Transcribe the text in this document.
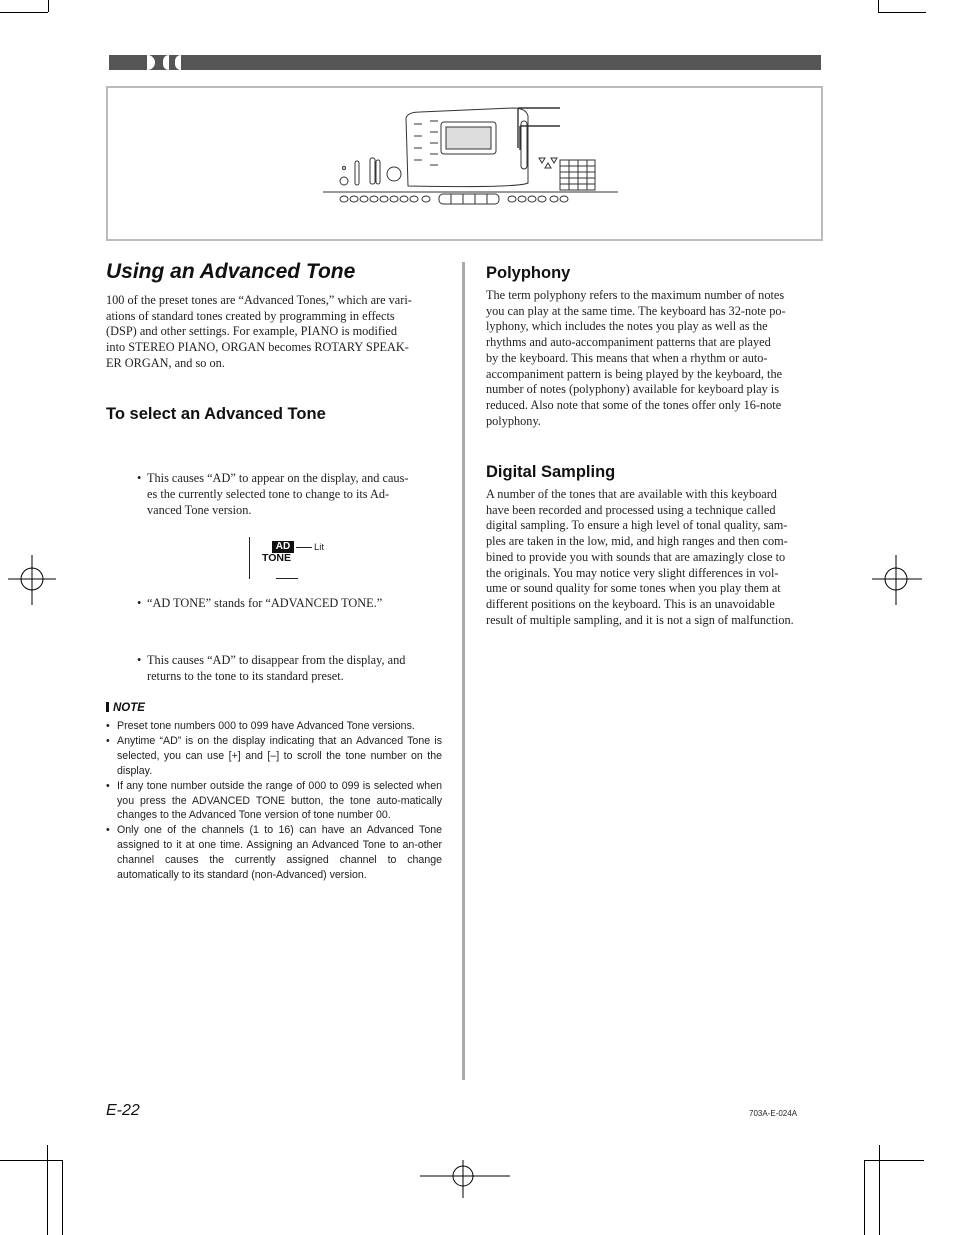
Using an Advanced Tone
100 of the preset tones are “Advanced Tones,” which are vari-
ations of standard tones created by programming in effects
(DSP) and other settings. For example, PIANO is modified
into STEREO PIANO, ORGAN becomes ROTARY SPEAK-
ER ORGAN, and so on.
To select an Advanced Tone
• This causes “AD” to appear on the display, and caus-
es the currently selected tone to change to its Ad-
vanced Tone version.
AD
TONE
Lit
• “AD TONE” stands for “ADVANCED TONE.”
• This causes “AD” to disappear from the display, and
returns to the tone to its standard preset.
NOTE
• Preset tone numbers 000 to 099 have Advanced Tone versions.
• Anytime “AD” is on the display indicating that an Advanced Tone is selected, you can use [+] and [–] to scroll the tone number on the display.
• If any tone number outside the range of 000 to 099 is selected when you press the ADVANCED TONE button, the tone auto-matically changes to the Advanced Tone version of tone number 00.
• Only one of the channels (1 to 16) can have an Advanced Tone assigned to it at one time. Assigning an Advanced Tone to an-other channel causes the currently assigned channel to change automatically to its standard (non-Advanced) version.
Polyphony
The term polyphony refers to the maximum number of notes
you can play at the same time. The keyboard has 32-note po-
lyphony, which includes the notes you play as well as the
rhythms and auto-accompaniment patterns that are played
by the keyboard. This means that when a rhythm or auto-
accompaniment pattern is being played by the keyboard, the
number of notes (polyphony) available for keyboard play is
reduced. Also note that some of the tones offer only 16-note
polyphony.
Digital Sampling
A number of the tones that are available with this keyboard
have been recorded and processed using a technique called
digital sampling. To ensure a high level of tonal quality, sam-
ples are taken in the low, mid, and high ranges and then com-
bined to provide you with sounds that are amazingly close to
the originals. You may notice very slight differences in vol-
ume or sound quality for some tones when you play them at
different positions on the keyboard. This is an unavoidable
result of multiple sampling, and it is not a sign of malfunction.
E-22	703A-E-024A
